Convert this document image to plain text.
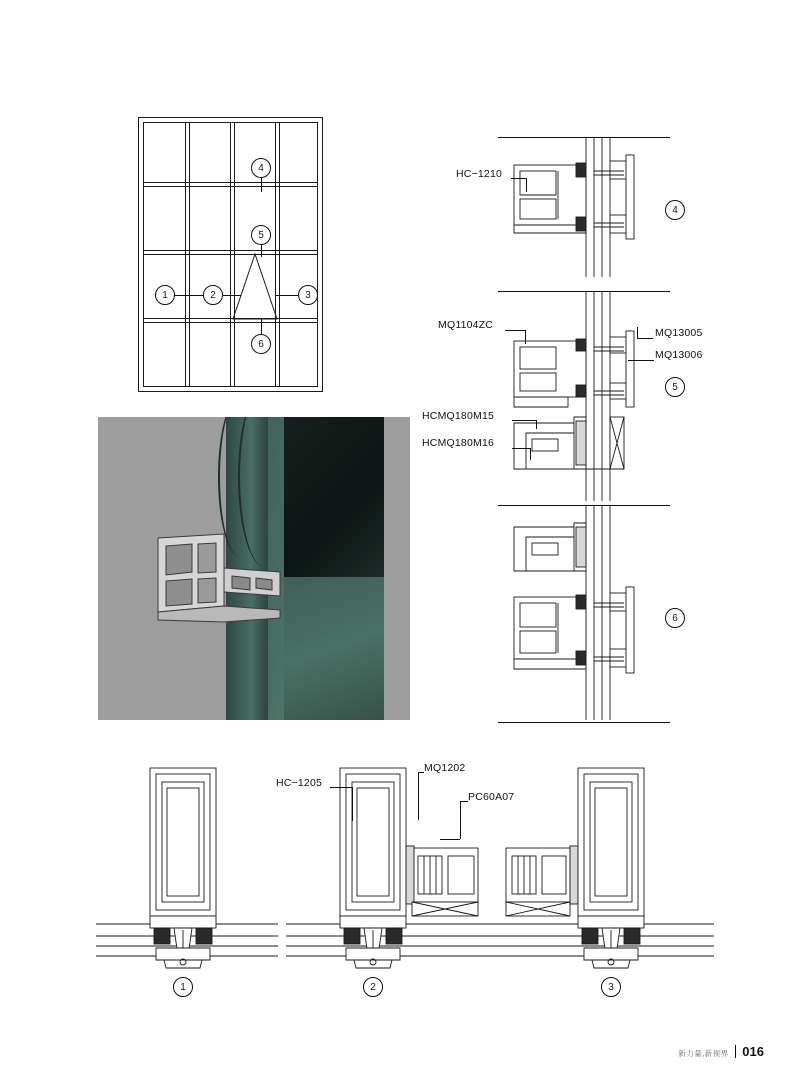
1	2	3
4
5
6
HC−1210
4
MQ1104ZC
MQ13005
MQ13006
HCMQ180M15
HCMQ180M16
5
6
1	2	3
HC−1205
MQ1202
PC60A07
新力量,新视界 016
